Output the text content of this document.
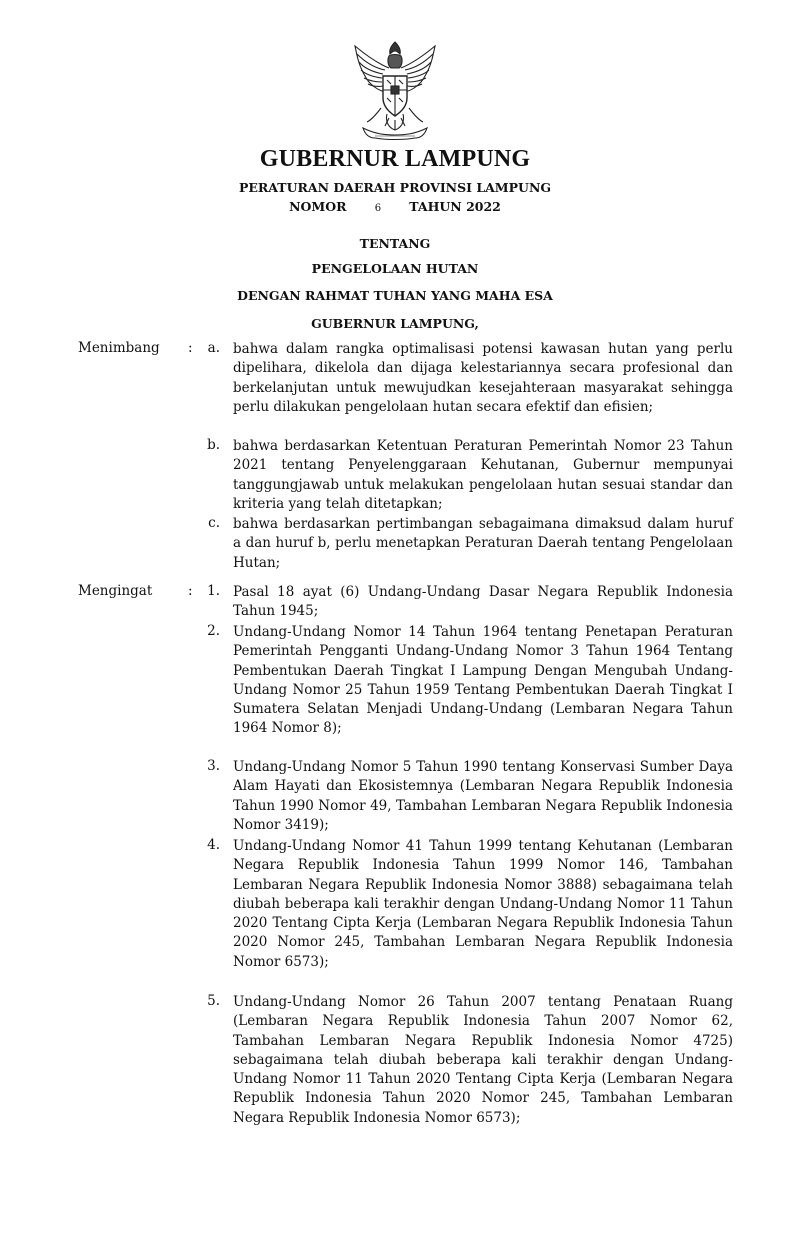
GUBERNUR LAMPUNG
PERATURAN DAERAH PROVINSI LAMPUNG
NOMOR	6 TAHUN 2022
TENTANG
PENGELOLAAN HUTAN
DENGAN RAHMAT TUHAN YANG MAHA ESA
GUBERNUR LAMPUNG,
Menimbang :	a. bahwa dalam rangka optimalisasi potensi kawasan hutan yang perlu dipelihara, dikelola dan dijaga kelestariannya secara profesional dan berkelanjutan untuk mewujudkan kesejahteraan masyarakat sehingga perlu dilakukan pengelolaan hutan secara efektif dan efisien;
b. bahwa berdasarkan Ketentuan Peraturan Pemerintah Nomor 23 Tahun 2021 tentang Penyelenggaraan Kehutanan, Gubernur mempunyai tanggungjawab untuk melakukan pengelolaan hutan sesuai standar dan kriteria yang telah ditetapkan;
c. bahwa berdasarkan pertimbangan sebagaimana dimaksud dalam huruf a dan huruf b, perlu menetapkan Peraturan Daerah tentang Pengelolaan Hutan;
Mengingat	:	1. Pasal 18 ayat (6) Undang-Undang Dasar Negara Republik Indonesia Tahun 1945;
2. Undang-Undang Nomor 14 Tahun 1964 tentang Penetapan Peraturan Pemerintah Pengganti Undang-Undang Nomor 3 Tahun 1964 Tentang Pembentukan Daerah Tingkat I Lampung Dengan Mengubah Undang-Undang Nomor 25 Tahun 1959 Tentang Pembentukan Daerah Tingkat I Sumatera Selatan Menjadi Undang-Undang (Lembaran Negara Tahun 1964 Nomor 8);
3. Undang-Undang Nomor 5 Tahun 1990 tentang Konservasi Sumber Daya Alam Hayati dan Ekosistemnya (Lembaran Negara Republik Indonesia Tahun 1990 Nomor 49, Tambahan Lembaran Negara Republik Indonesia Nomor 3419);
4. Undang-Undang Nomor 41 Tahun 1999 tentang Kehutanan (Lembaran Negara Republik Indonesia Tahun 1999 Nomor 146, Tambahan Lembaran Negara Republik Indonesia Nomor 3888) sebagaimana telah diubah beberapa kali terakhir dengan Undang-Undang Nomor 11 Tahun 2020 Tentang Cipta Kerja (Lembaran Negara Republik Indonesia Tahun 2020 Nomor 245, Tambahan Lembaran Negara Republik Indonesia Nomor 6573);
5. Undang-Undang Nomor 26 Tahun 2007 tentang Penataan Ruang (Lembaran Negara Republik Indonesia Tahun 2007 Nomor 62, Tambahan Lembaran Negara Republik Indonesia Nomor 4725) sebagaimana telah diubah beberapa kali terakhir dengan Undang-Undang Nomor 11 Tahun 2020 Tentang Cipta Kerja (Lembaran Negara Republik Indonesia Tahun 2020 Nomor 245, Tambahan Lembaran Negara Republik Indonesia Nomor 6573);
